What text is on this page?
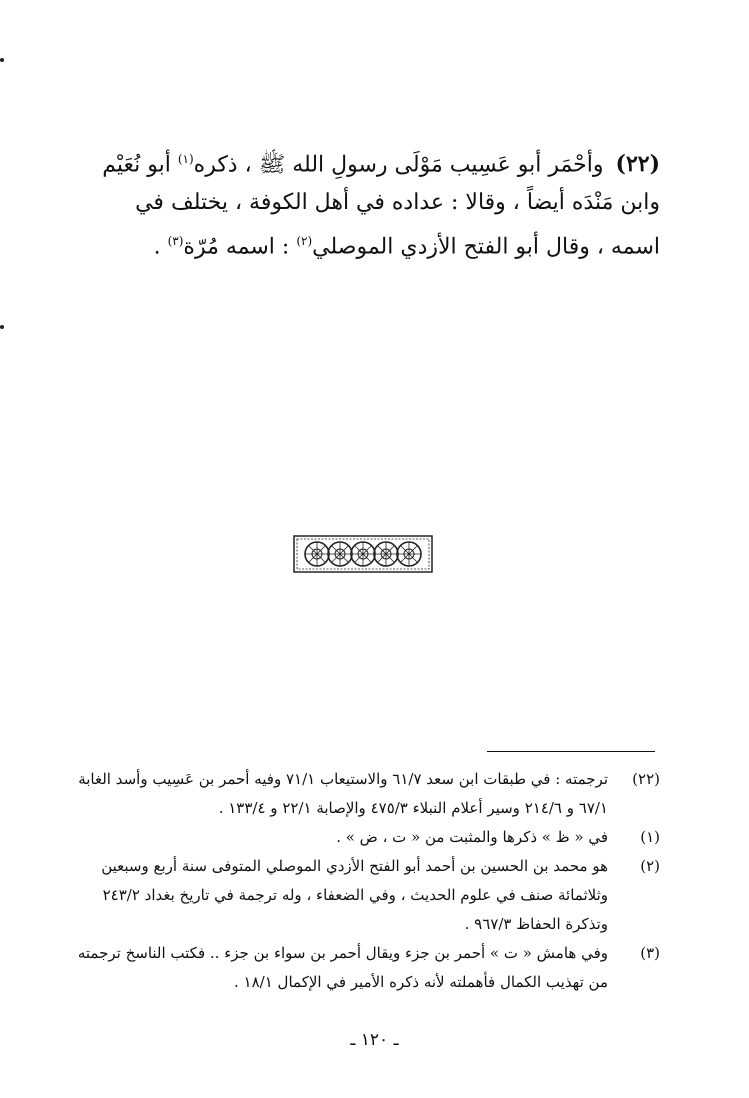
(٢٢)وأحْمَر أبو عَسِيب مَوْلَى رسولِ الله ﷺ ، ذكره$^{(١)}$ أبو نُعَيْم
وابن مَنْدَه أيضاً ، وقالا : عداده في أهل الكوفة ، يختلف في
اسمه ، وقال أبو الفتح الأزدي الموصلي$^{(٢)}$ : اسمه مُرّة$^{(٣)}$ .
(٢٢)
ترجمته : في طبقات ابن سعد ٦١/٧ والاستيعاب ٧١/١ وفيه أحمر بن عَسِيب وأسد الغابة
٦٧/١ و ٢١٤/٦ وسير أعلام النبلاء ٤٧٥/٣ والإصابة ٢٢/١ و ١٣٣/٤ .
(١)
في « ظ » ذكرها والمثبت من « ت ، ض » .
(٢)
هو محمد بن الحسين بن أحمد أبو الفتح الأزدي الموصلي المتوفى سنة أربع وسبعين
وثلاثمائة صنف في علوم الحديث ، وفي الضعفاء ، وله ترجمة في تاريخ بغداد ٢٤٣/٢
وتذكرة الحفاظ ٩٦٧/٣ .
(٣)
وفي هامش « ت » أحمر بن جزء ويقال أحمر بن سواء بن جزء .. فكتب الناسخ ترجمته
من تهذيب الكمال فأهملته لأنه ذكره الأمير في الإكمال ١٨/١ .
ـ ١٢٠ ـ
